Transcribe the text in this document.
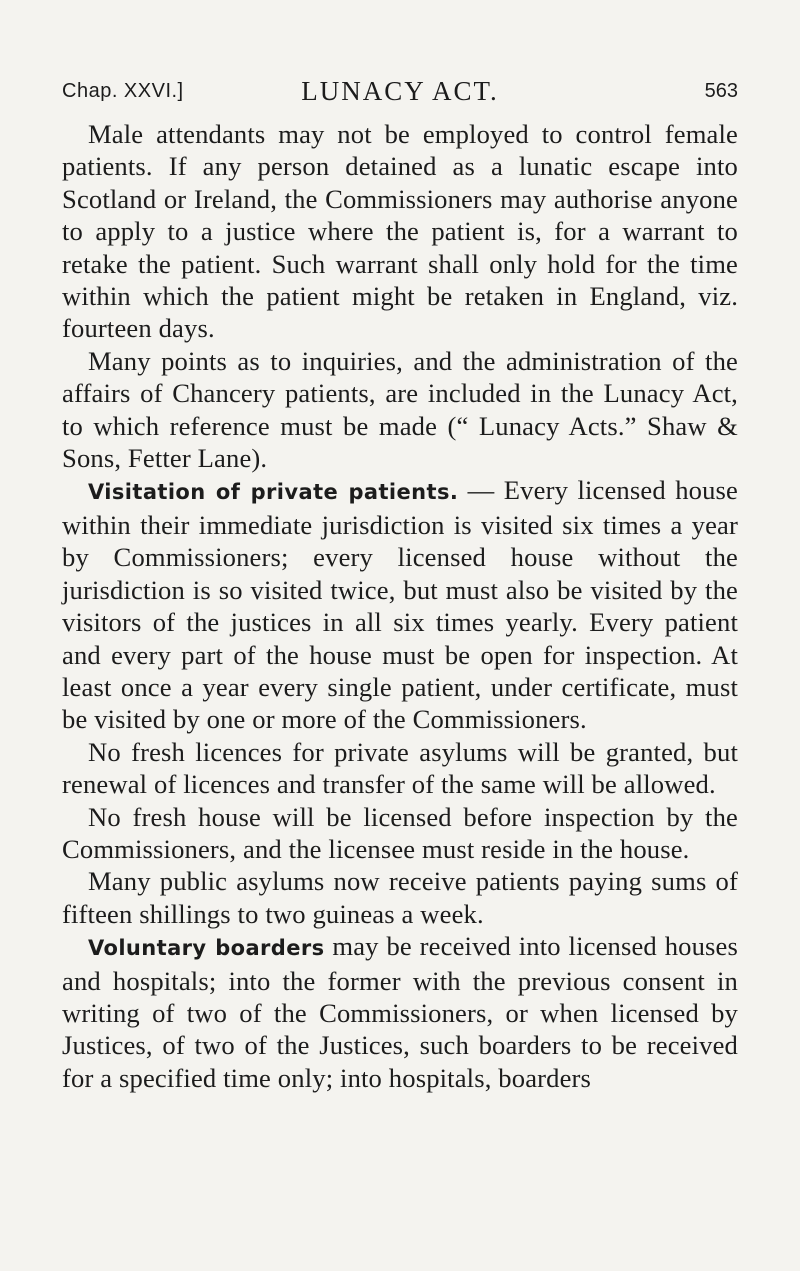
Chap. XXVI.]	LUNACY ACT.	563

Male attendants may not be employed to control female patients. If any person detained as a lunatic escape into Scotland or Ireland, the Commissioners may authorise anyone to apply to a justice where the patient is, for a warrant to retake the patient. Such warrant shall only hold for the time within which the patient might be retaken in England, viz. fourteen days.

Many points as to inquiries, and the administration of the affairs of Chancery patients, are included in the Lunacy Act, to which reference must be made (“ Lunacy Acts.” Shaw & Sons, Fetter Lane).

Visitation of private patients. — Every licensed house within their immediate jurisdiction is visited six times a year by Commissioners; every licensed house without the jurisdiction is so visited twice, but must also be visited by the visitors of the justices in all six times yearly. Every patient and every part of the house must be open for inspection. At least once a year every single patient, under certificate, must be visited by one or more of the Commissioners.

No fresh licences for private asylums will be granted, but renewal of licences and transfer of the same will be allowed.

No fresh house will be licensed before inspection by the Commissioners, and the licensee must reside in the house.

Many public asylums now receive patients paying sums of fifteen shillings to two guineas a week.

Voluntary boarders may be received into licensed houses and hospitals; into the former with the previous consent in writing of two of the Commissioners, or when licensed by Justices, of two of the Justices, such boarders to be received for a specified time only; into hospitals, boarders
